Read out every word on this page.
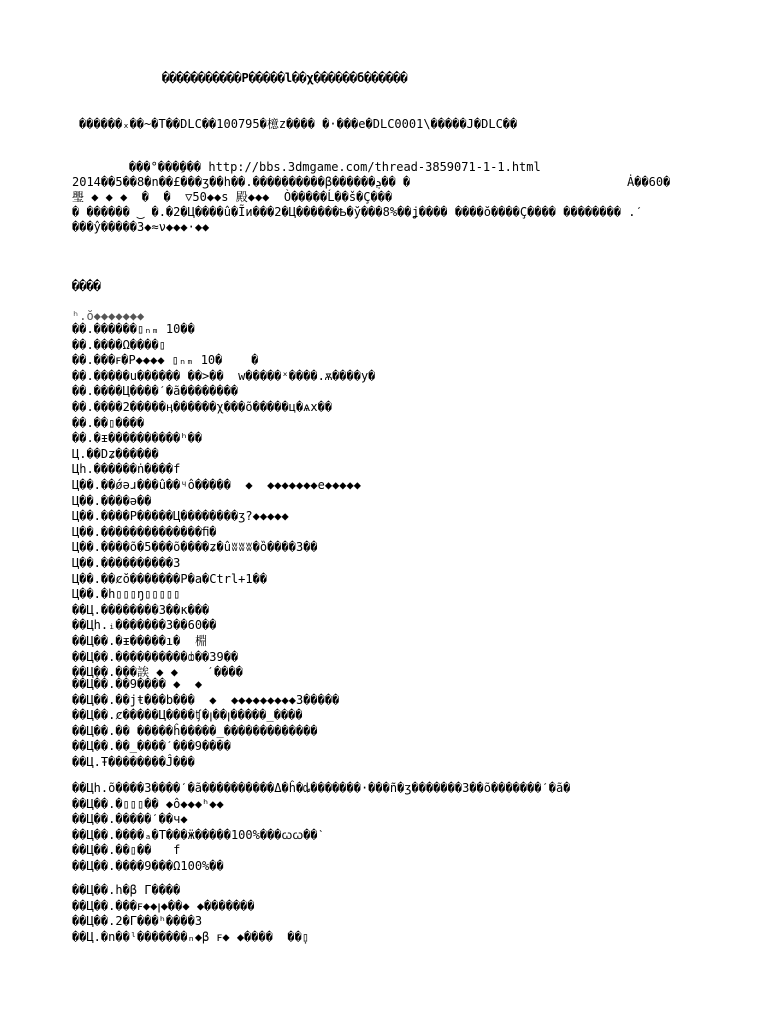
�����������Р�����l��χ������б������
������ₓ��~�T��DLC��100795�檍z���� �·���e�DLC0001\�����J�DLC��

���°����ِ�� http://bbs.3dmgame.com/thread-3859071-1-1.html

2014��5��8�n��£���ʒ��h��.����������β������ܯ�� �	Ȧ��60�
璺 ◆ ◆ ◆  �  �  ▽50◆◆s 殿◆◆◆  Ò�����Ĺ��š�Ç���
� ������ ‿ �.�2�Ц����û�Ĩи���2�Ц������Ҍ�ў���8%��ʝ���� ����ŏ����Ç���� �������� .ˊ
���ŷ�����З◆≈ν◆◆◆·◆◆
����
ʰ.ŏ◆◆◆◆◆◆◆
��.������▯ₙₘ 10��
��.����Ω����▯
��.���ꜰ�P◆◆◆◆ ▯ₙₘ 10�    �
��.�����u������ ��>��  w�����ˣ����.ѫ����y�
��.����Ц����ˊ�ã��������
��.����2�����ӊ������χ���õ�����ц�ѧx��
��.��▯����
��.�ᵻ����������ʰ��
Ц.��Dʑ������
Цh.������ṅ����f
Ц��.��ǿǝɹ���û��ᶣô�����  ◆  ◆◆◆◆◆◆◆e◆◆◆◆◆
Ц��.����ə��
Ц��.����P�����Ц��������ʒ?◆◆◆◆◆
Ц��.��������������ﬁ�
Ц��.����õ�5���õ����ʑ�ûʬʬʬ�ȍ����3��
Ц��.����������3
Ц��.��ȼŏ�������P�a�Ctrl+1��
Ц��.�h▯▯▯ŋ▯▯▯▯▯
��Ц.��������3��ĸ���
��Цh.ᵢ�������3��60��
��Ц��.�ᵻ�����ı�  棩
��Ц��.����������ȸ��39��
��Ц��.���誒 ◆ ◆    ˊ����
��Ц��.��9���� ◆  ◆
��Ц��.��jŧ���b���  ◆  ◆◆◆◆◆◆◆◆◆3�����
��Ц��.ȼ�����Ц����ʧ�ꞁ��ꞁ�����_����
��Ц��.�� �����ĥ�����_�������������
��Ц��.��_����ˊ���9����
��Ц.Ŧ��������Ĵ���
��Цh.õ����3����ˊ�ã����������Δ�ĥ�ȡ�������·���ñ�ʒ�������3��õ�������ˊ�ã�
��Ц��.�▯▯▯�� ◆ô◆◆◆ʰ◆◆
��Ц��.�����ˊ��ч◆
��Ц��.����ₐ�T���ӝ�����100%���ꞷꞷ��ˋ
��Ц��.��▯��   f
��Ц��.����9���Ω100%��
��Ц��.h�β Г����
��Ц��.���ꜰ◆◆ꞁ◆��◆ ◆�������
��Ц��.2�Г���ʰ����3
��Ц.�n��ˡ�������ₙ◆β ꜰ◆ ◆����  ��̣▯
